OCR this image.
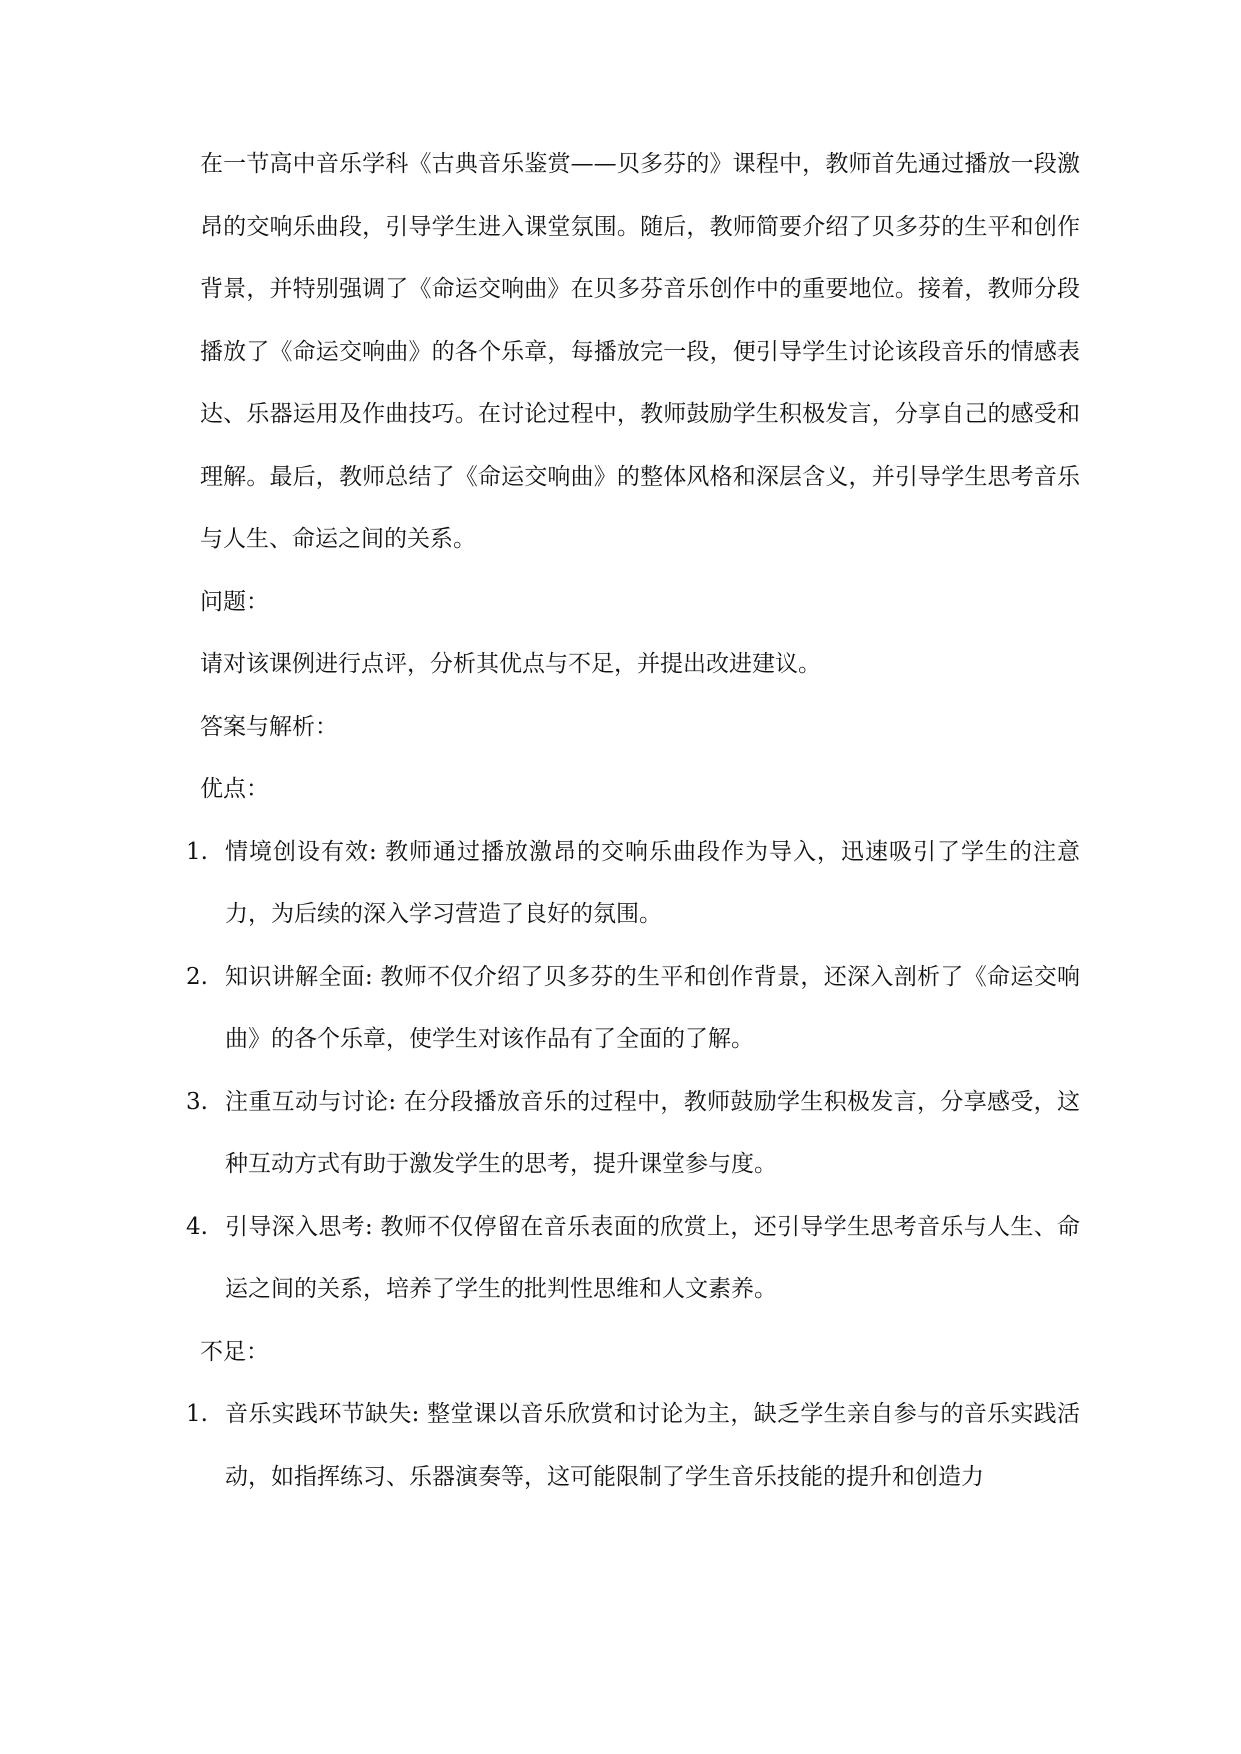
在一节高中音乐学科《古典音乐鉴赏——贝多芬的》课程中，教师首先通过播放一段激昂的交响乐曲段，引导学生进入课堂氛围。随后，教师简要介绍了贝多芬的生平和创作背景，并特别强调了《命运交响曲》在贝多芬音乐创作中的重要地位。接着，教师分段播放了《命运交响曲》的各个乐章，每播放完一段，便引导学生讨论该段音乐的情感表达、乐器运用及作曲技巧。在讨论过程中，教师鼓励学生积极发言，分享自己的感受和理解。最后，教师总结了《命运交响曲》的整体风格和深层含义，并引导学生思考音乐与人生、命运之间的关系。

问题：

请对该课例进行点评，分析其优点与不足，并提出改进建议。

答案与解析：

优点：

1. 情境创设有效: 教师通过播放激昂的交响乐曲段作为导入，迅速吸引了学生的注意力，为后续的深入学习营造了良好的氛围。
2. 知识讲解全面: 教师不仅介绍了贝多芬的生平和创作背景，还深入剖析了《命运交响曲》的各个乐章，使学生对该作品有了全面的了解。
3. 注重互动与讨论: 在分段播放音乐的过程中，教师鼓励学生积极发言，分享感受，这种互动方式有助于激发学生的思考，提升课堂参与度。
4. 引导深入思考: 教师不仅停留在音乐表面的欣赏上，还引导学生思考音乐与人生、命运之间的关系，培养了学生的批判性思维和人文素养。

不足：

1. 音乐实践环节缺失: 整堂课以音乐欣赏和讨论为主，缺乏学生亲自参与的音乐实践活动，如指挥练习、乐器演奏等，这可能限制了学生音乐技能的提升和创造力
